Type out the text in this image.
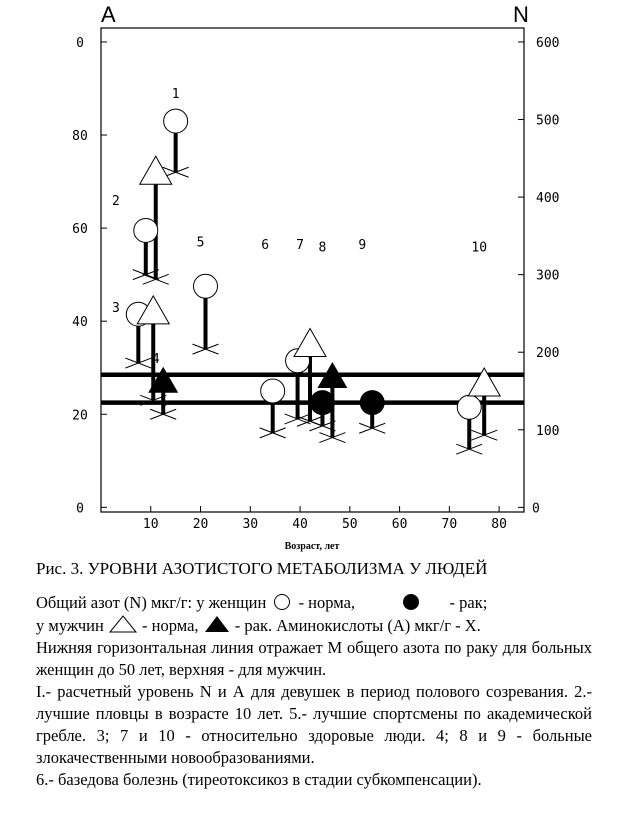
A	N
1
2
3
4
5	6 7 8 9	10
0
80
60
40
20
0
600
500
400
300
200
100
0
10	20	30	40	50	60	70	80
Возраст, лет
Рис. 3. УРОВНИ АЗОТИСТОГО МЕТАБОЛИЗМА У ЛЮДЕЙ

Общий азот (N) мкг/г: у женщин - норма,	- рак;

у мужчин - норма, - рак. Аминокислоты (А) мкг/г - Х.

Нижняя горизонтальная линия отражает М общего азота по раку для больных женщин до 50 лет, верхняя - для мужчин.

I.- расчетный уровень N и А для девушек в период полового созревания. 2.- лучшие пловцы в возрасте 10 лет. 5.- лучшие спортсмены по академической гребле. 3; 7 и 10 - относительно здоровые люди. 4; 8 и 9 - больные злокачественными новообразованиями.

6.- базедова болезнь (тиреотоксикоз в стадии субкомпенсации).
